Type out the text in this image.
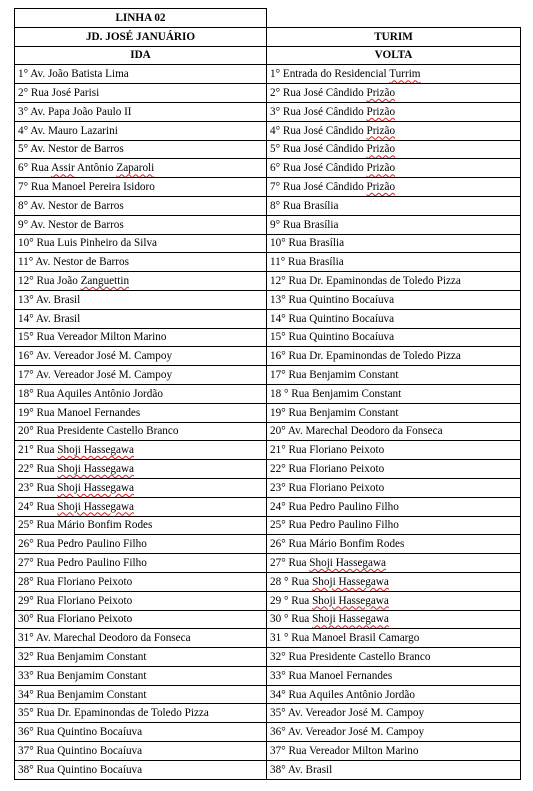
LINHA 02	
JD. JOSÉ JANUÁRIO	TURIM
IDA	VOLTA
1° Av. João Batista Lima	1° Entrada do Residencial Turrim
2° Rua José Parisi	2° Rua José Cândido Prizão
3° Av. Papa João Paulo II	3° Rua José Cândido Prizão
4° Av. Mauro Lazarini	4° Rua José Cândido Prizão
5° Av. Nestor de Barros	5° Rua José Cândido Prizão
6° Rua Assir Antônio Zaparoli	6° Rua José Cândido Prizão
7° Rua Manoel Pereira Isidoro	7° Rua José Cândido Prizão
8° Av. Nestor de Barros	8° Rua Brasília
9° Av. Nestor de Barros	9° Rua Brasília
10° Rua Luis Pinheiro da Silva	10° Rua Brasília
11° Av. Nestor de Barros	11° Rua Brasília
12° Rua João Zanguettin	12° Rua Dr. Epaminondas de Toledo Pizza
13° Av. Brasil	13° Rua Quintino Bocaíuva
14° Av. Brasil	14° Rua Quintino Bocaíuva
15° Rua Vereador Milton Marino	15° Rua Quintino Bocaíuva
16° Av. Vereador José M. Campoy	16° Rua Dr. Epaminondas de Toledo Pizza
17° Av. Vereador José M. Campoy	17° Rua Benjamim Constant
18° Rua Aquiles Antônio Jordão	18 ° Rua Benjamim Constant
19° Rua Manoel Fernandes	19° Rua Benjamim Constant
20° Rua Presidente Castello Branco	20° Av. Marechal Deodoro da Fonseca
21° Rua Shoji Hassegawa	21° Rua Floriano Peixoto
22° Rua Shoji Hassegawa	22° Rua Floriano Peixoto
23° Rua Shoji Hassegawa	23° Rua Floriano Peixoto
24° Rua Shoji Hassegawa	24° Rua Pedro Paulino Filho
25° Rua Mário Bonfim Rodes	25° Rua Pedro Paulino Filho
26° Rua Pedro Paulino Filho	26° Rua Mário Bonfim Rodes
27° Rua Pedro Paulino Filho	27° Rua Shoji Hassegawa
28° Rua Floriano Peixoto	28 ° Rua Shoji Hassegawa
29° Rua Floriano Peixoto	29 ° Rua Shoji Hassegawa
30° Rua Floriano Peixoto	30 ° Rua Shoji Hassegawa
31° Av. Marechal Deodoro da Fonseca	31 ° Rua Manoel Brasil Camargo
32° Rua Benjamim Constant	32° Rua Presidente Castello Branco
33° Rua Benjamim Constant	33° Rua Manoel Fernandes
34° Rua Benjamim Constant	34° Rua Aquiles Antônio Jordão
35° Rua Dr. Epaminondas de Toledo Pizza	35° Av. Vereador José M. Campoy
36° Rua Quintino Bocaíuva	36° Av. Vereador José M. Campoy
37° Rua Quintino Bocaíuva	37° Rua Vereador Milton Marino
38° Rua Quintino Bocaíuva	38° Av. Brasil
